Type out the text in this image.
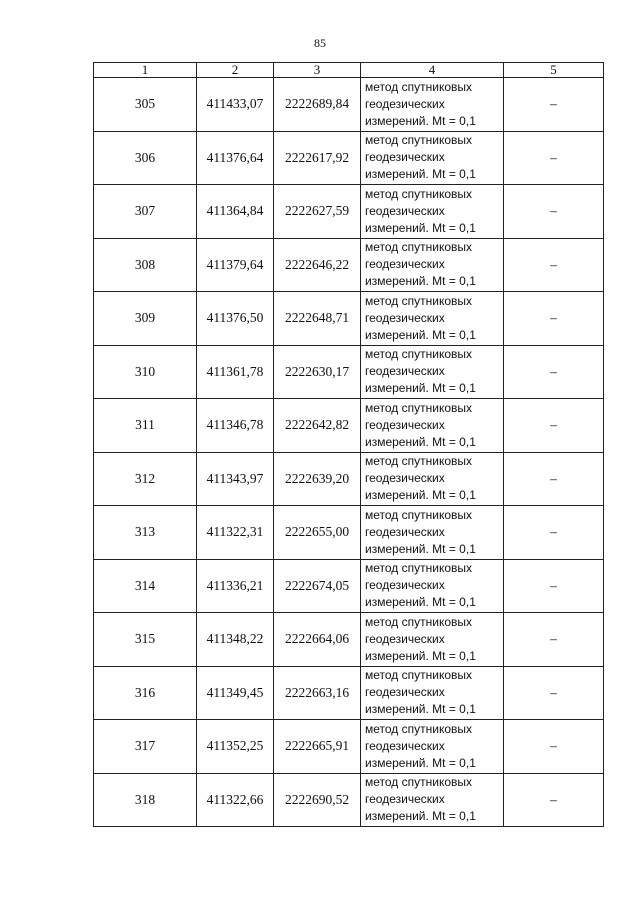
85
1	2	3	4	5
305	411433,07	2222689,84	метод спутниковых
геодезических
измерений. Mt = 0,1	–
306	411376,64	2222617,92	метод спутниковых
геодезических
измерений. Mt = 0,1	–
307	411364,84	2222627,59	метод спутниковых
геодезических
измерений. Mt = 0,1	–
308	411379,64	2222646,22	метод спутниковых
геодезических
измерений. Mt = 0,1	–
309	411376,50	2222648,71	метод спутниковых
геодезических
измерений. Mt = 0,1	–
310	411361,78	2222630,17	метод спутниковых
геодезических
измерений. Mt = 0,1	–
311	411346,78	2222642,82	метод спутниковых
геодезических
измерений. Mt = 0,1	–
312	411343,97	2222639,20	метод спутниковых
геодезических
измерений. Mt = 0,1	–
313	411322,31	2222655,00	метод спутниковых
геодезических
измерений. Mt = 0,1	–
314	411336,21	2222674,05	метод спутниковых
геодезических
измерений. Mt = 0,1	–
315	411348,22	2222664,06	метод спутниковых
геодезических
измерений. Mt = 0,1	–
316	411349,45	2222663,16	метод спутниковых
геодезических
измерений. Mt = 0,1	–
317	411352,25	2222665,91	метод спутниковых
геодезических
измерений. Mt = 0,1	–
318	411322,66	2222690,52	метод спутниковых
геодезических
измерений. Mt = 0,1	–
